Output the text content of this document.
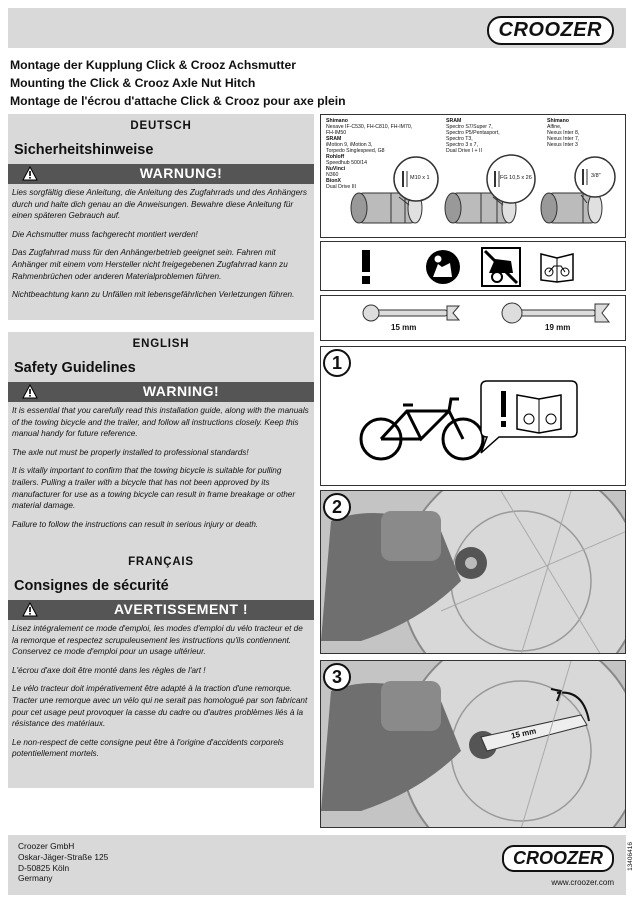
CROOZER
Montage der Kupplung Click & Crooz Achsmutter
Mounting the Click & Crooz Axle Nut Hitch
Montage de l'écrou d'attache Click & Crooz pour axe plein
DEUTSCH
Sicherheitshinweise
WARNUNG!

Lies sorgfältig diese Anleitung, die Anleitung des Zugfahrrads und des Anhängers durch und halte dich genau an die Anweisungen. Bewahre diese Anleitung für einen späteren Gebrauch auf.

Die Achsmutter muss fachgerecht montiert werden!

Das Zugfahrrad muss für den Anhängerbetrieb geeignet sein. Fahren mit Anhänger mit einem vom Hersteller nicht freigegebenen Zugfahrrad kann zu Rahmenbrüchen oder anderen Materialproblemen führen.

Nichtbeachtung kann zu Unfällen mit lebensgefährlichen Verletzungen führen.

ENGLISH
Safety Guidelines
WARNING!

It is essential that you carefully read this installation guide, along with the manuals of the towing bicycle and the trailer, and follow all instructions closely. Keep this manual handy for future reference.

The axle nut must be properly installed to professional standards!

It is vitally important to confirm that the towing bicycle is suitable for pulling trailers. Pulling a trailer with a bicycle that has not been approved by its manufacturer for use as a towing bicycle can result in frame breakage or other material damage.

Failure to follow the instructions can result in serious injury or death.

FRANÇAIS
Consignes de sécurité
AVERTISSEMENT !

Lisez intégralement ce mode d'emploi, les modes d'emploi du vélo tracteur et de la remorque et respectez scrupuleusement les instructions qu'ils contiennent. Conservez ce mode d'emploi pour un usage ultérieur.

L'écrou d'axe doit être monté dans les règles de l'art !

Le vélo tracteur doit impérativement être adapté à la traction d'une remorque. Tracter une remorque avec un vélo qui ne serait pas homologué par son fabricant pour cet usage peut provoquer la casse du cadre ou d'autres problèmes liés à la résistance des matériaux.

Le non-respect de cette consigne peut être à l'origine d'accidents corporels potentiellement mortels.

Shimano
Nexave IF-C530, FH-C810, FH-IM70,
FH-IM50
SRAM
iMotion 9, iMotion 3,
Torpedo Singlespeed, G8
Rohloff
Speedhub 500/14
NuVinci
N360
BionX
Dual Drive III
SRAM
Spectro S7/Super 7,
Spectro P5/Pentasport,
Spectro T3,
Spectro 3 x 7,
Dual Drive I + II
Shimano
Alfine,
Nexus Inter 8,
Nexus Inter 7,
Nexus Inter 3
M10 x 1	FG 10,5 x 26	3/8"
15 mm	19 mm
1
2
3
15 mm
Croozer GmbH
Oskar-Jäger-Straße 125
D-50825 Köln
Germany
CROOZER
www.croozer.com
13406416
